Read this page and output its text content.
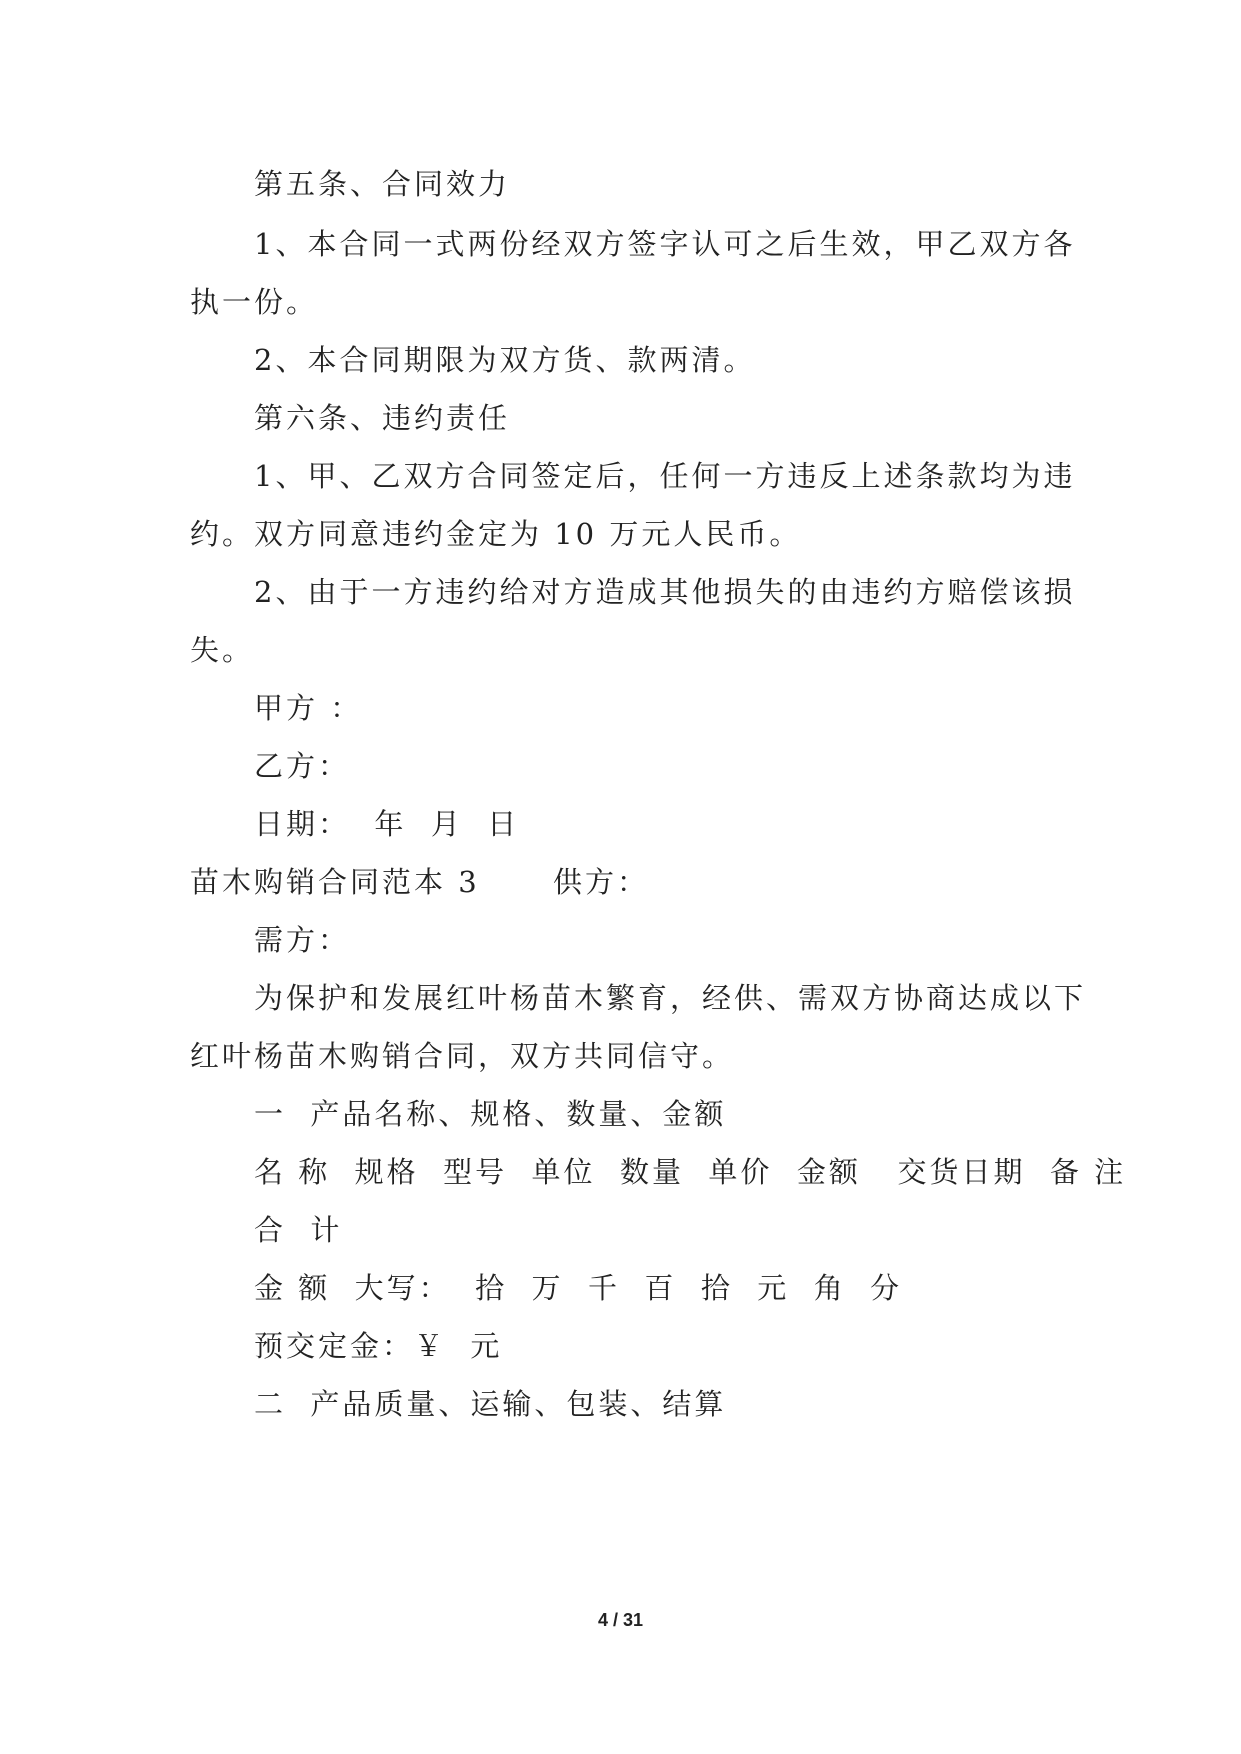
第五条、合同效力
1、本合同一式两份经双方签字认可之后生效，甲乙双方各
执一份。
2、本合同期限为双方货、款两清。
第六条、违约责任
1、甲、乙双方合同签定后，任何一方违反上述条款均为违
约。双方同意违约金定为 10 万元人民币。
2、由于一方违约给对方造成其他损失的由违约方赔偿该损
失。
甲方 ：
乙方：
日期：  年  月  日
苗木购销合同范本 3      供方：
需方：
为保护和发展红叶杨苗木繁育，经供、需双方协商达成以下
红叶杨苗木购销合同，双方共同信守。
一  产品名称、规格、数量、金额
名 称  规格  型号  单位  数量  单价  金额   交货日期  备 注
合  计
金 额  大写：  拾  万  千  百  拾  元  角  分
预交定金：￥  元
二  产品质量、运输、包装、结算
4 / 31
